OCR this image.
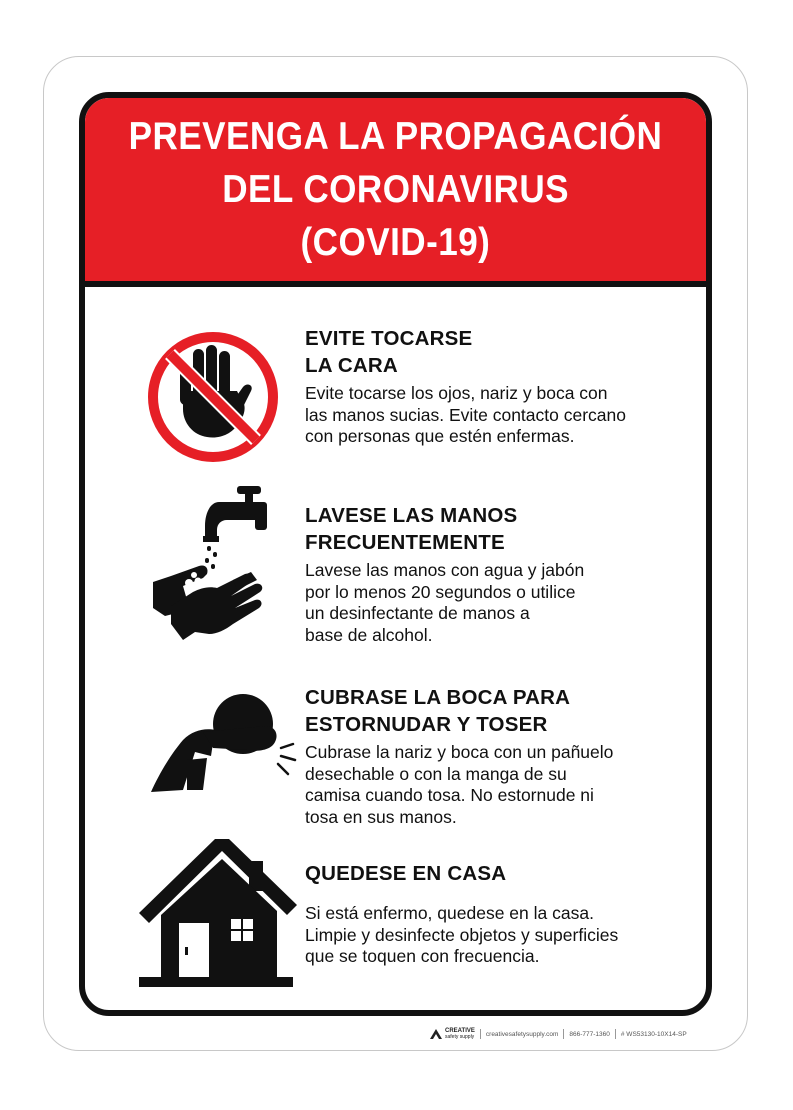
PREVENGA LA PROPAGACIÓN
DEL CORONAVIRUS
(COVID-19)
EVITE TOCARSE
LA CARA
Evite tocarse los ojos, nariz y boca con
las manos sucias. Evite contacto cercano
con personas que estén enfermas.
LAVESE LAS MANOS
FRECUENTEMENTE
Lavese las manos con agua y jabón
por lo menos 20 segundos o utilice
un desinfectante de manos a
base de alcohol.
CUBRASE LA BOCA PARA
ESTORNUDAR Y TOSER
Cubrase la nariz y boca con un pañuelo
desechable o con la manga de su
camisa cuando tosa. No estornude ni
tosa en sus manos.
QUEDESE EN CASA
Si está enfermo, quedese en la casa.
Limpie y desinfecte objetos y superficies
que se toquen con frecuencia.
CREATIVE
safety supply creativesafetysupply.com 866-777-1360 # WS53130-10X14-SP
